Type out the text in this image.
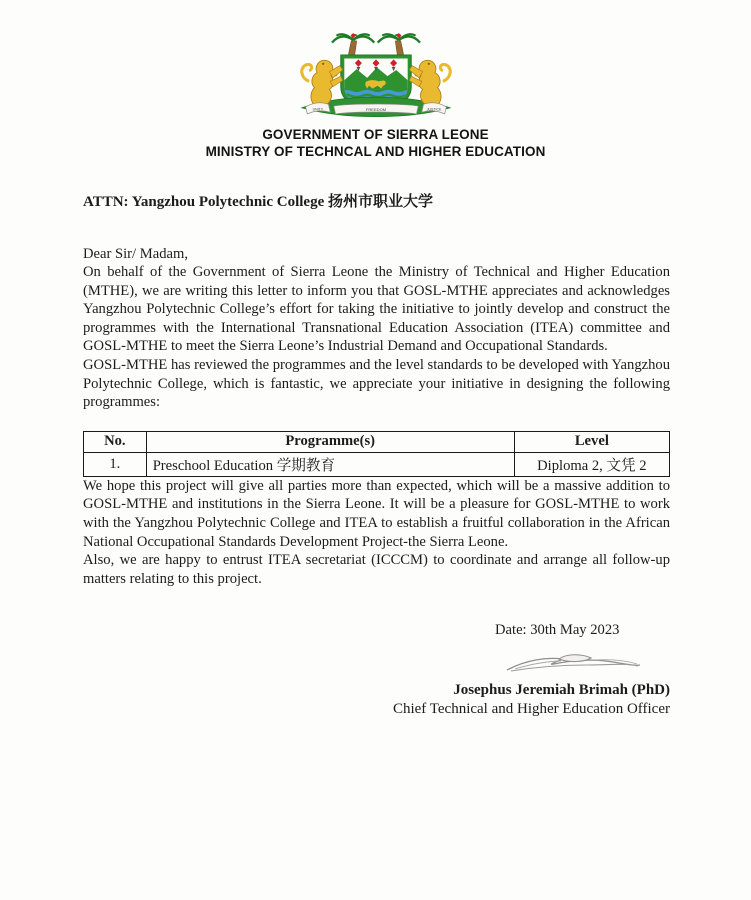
UNITY	FREEDOM	JUSTICE
GOVERNMENT OF SIERRA LEONE
MINISTRY OF TECHNCAL AND HIGHER EDUCATION
ATTN: Yangzhou Polytechnic College 扬州市职业大学
Dear Sir/ Madam,

On behalf of the Government of Sierra Leone the Ministry of Technical and Higher Education (MTHE), we are writing this letter to inform you that GOSL-MTHE appreciates and acknowledges Yangzhou Polytechnic College’s effort for taking the initiative to jointly develop and construct the programmes with the International Transnational Education Association (ITEA) committee and GOSL-MTHE to meet the Sierra Leone’s Industrial Demand and Occupational Standards.

GOSL-MTHE has reviewed the programmes and the level standards to be developed with Yangzhou Polytechnic College, which is fantastic, we appreciate your initiative in designing the following programmes:

No.	Programme(s)	Level
1.	Preschool Education 学期教育	Diploma 2, 文凭 2

We hope this project will give all parties more than expected, which will be a massive addition to GOSL-MTHE and institutions in the Sierra Leone. It will be a pleasure for GOSL-MTHE to work with the Yangzhou Polytechnic College and ITEA to establish a fruitful collaboration in the African National Occupational Standards Development Project-the Sierra Leone.

Also, we are happy to entrust ITEA secretariat (ICCCM) to coordinate and arrange all follow-up matters relating to this project.

Date: 30th May 2023
Josephus Jeremiah Brimah (PhD)
Chief Technical and Higher Education Officer
